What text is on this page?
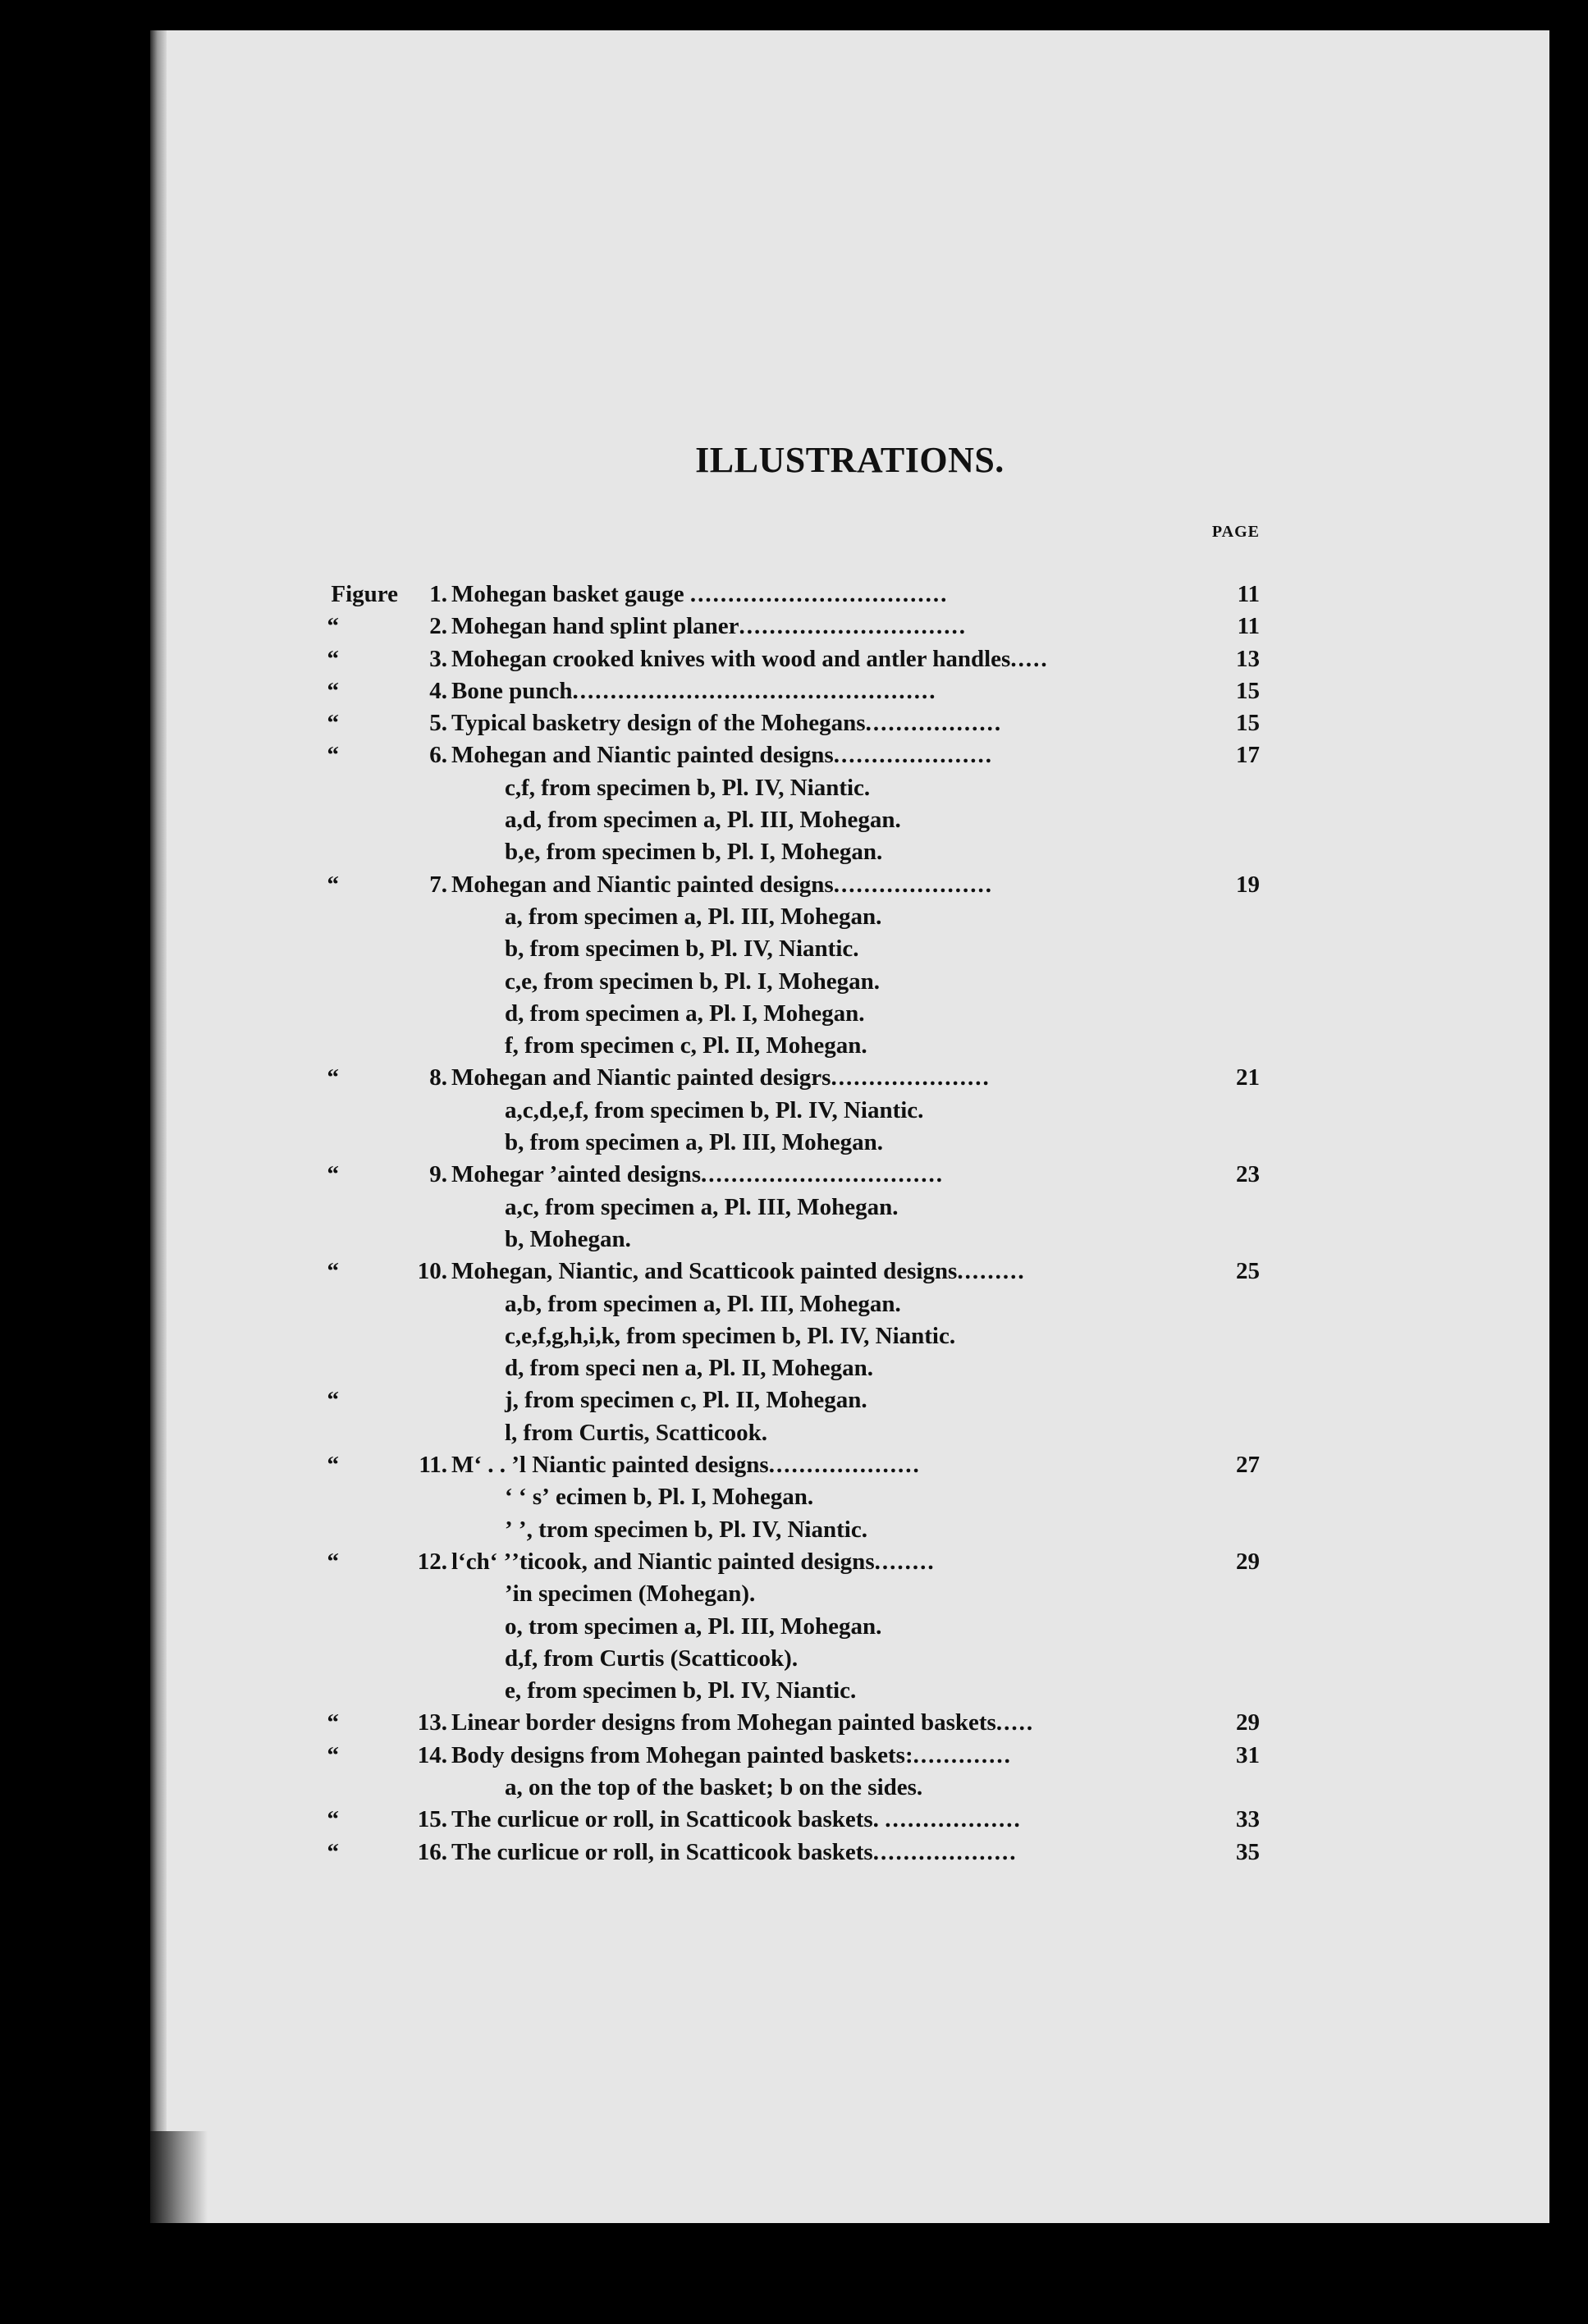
ILLUSTRATIONS.
PAGE
Figure	1. Mohegan basket gauge ..................................	11
“	2. Mohegan hand splint planer..............................	11
“	3. Mohegan crooked knives with wood and antler handles.....	13
“	4. Bone punch................................................	15
“	5. Typical basketry design of the Mohegans..................	15
“	6. Mohegan and Niantic painted designs.....................	17
c,f, from specimen b, Pl. IV, Niantic.
a,d, from specimen a, Pl. III, Mohegan.
b,e, from specimen b, Pl. I, Mohegan.
“	7. Mohegan and Niantic painted designs.....................	19
a, from specimen a, Pl. III, Mohegan.
b, from specimen b, Pl. IV, Niantic.
c,e, from specimen b, Pl. I, Mohegan.
d, from specimen a, Pl. I, Mohegan.
f, from specimen c, Pl. II, Mohegan.
“	8. Mohegan and Niantic painted desigrs.....................	21
a,c,d,e,f, from specimen b, Pl. IV, Niantic.
b, from specimen a, Pl. III, Mohegan.
“	9. Mohegar ʼainted designs................................	23
a,c, from specimen a, Pl. III, Mohegan.
b, Mohegan.
“	10. Mohegan, Niantic, and Scatticook painted designs.........	25
a,b, from specimen a, Pl. III, Mohegan.
c,e,f,g,h,i,k, from specimen b, Pl. IV, Niantic.
d, from speci nen a, Pl. II, Mohegan.
“	j, from specimen c, Pl. II, Mohegan.
l, from Curtis, Scatticook.
“	11. Mʻ . . ʼl Niantic painted designs....................	27
ʻ ʻ sʼ ecimen b, Pl. I, Mohegan.
ʼ ʼ, trom specimen b, Pl. IV, Niantic.
“	12. lʻchʻ ʼʼticook, and Niantic painted designs........	29
ʼin specimen (Mohegan).
o, trom specimen a, Pl. III, Mohegan.
d,f, from Curtis (Scatticook).
e, from specimen b, Pl. IV, Niantic.
“	13. Linear border designs from Mohegan painted baskets.....	29
“	14. Body designs from Mohegan painted baskets:.............	31
a, on the top of the basket; b on the sides.
“	15. The curlicue or roll, in Scatticook baskets. ..................	33
“	16. The curlicue or roll, in Scatticook baskets...................	35
